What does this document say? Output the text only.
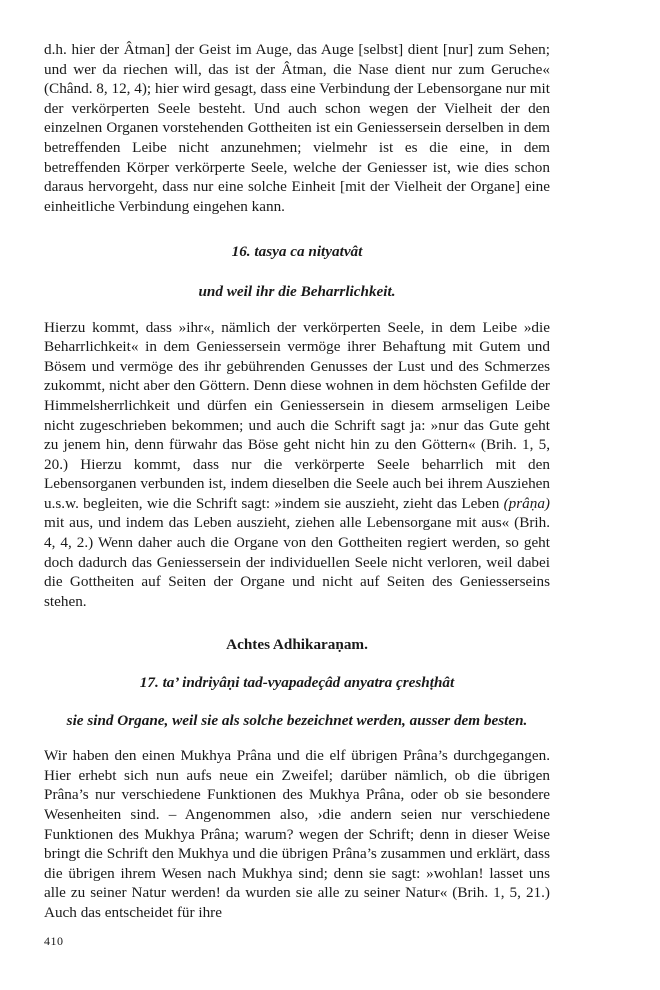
d.h. hier der Âtman] der Geist im Auge, das Auge [selbst] dient [nur] zum Sehen; und wer da riechen will, das ist der Âtman, die Nase dient nur zum Geruche« (Chând. 8, 12, 4); hier wird gesagt, dass eine Verbindung der Lebensorgane nur mit der verkörperten Seele besteht. Und auch schon wegen der Vielheit der den einzelnen Organen vorstehenden Gottheiten ist ein Geniessersein derselben in dem betreffenden Leibe nicht anzunehmen; vielmehr ist es die eine, in dem betreffenden Körper verkörperte Seele, welche der Geniesser ist, wie dies schon daraus hervorgeht, dass nur eine solche Einheit [mit der Vielheit der Organe] eine einheitliche Verbindung eingehen kann.

16. tasya ca nityatvât

und weil ihr die Beharrlichkeit.

Hierzu kommt, dass »ihr«, nämlich der verkörperten Seele, in dem Leibe »die Beharrlichkeit« in dem Geniessersein vermöge ihrer Behaftung mit Gutem und Bösem und vermöge des ihr gebührenden Genusses der Lust und des Schmerzes zukommt, nicht aber den Göttern. Denn diese wohnen in dem höchsten Gefilde der Himmelsherrlichkeit und dürfen ein Geniessersein in diesem armseligen Leibe nicht zugeschrieben bekommen; und auch die Schrift sagt ja: »nur das Gute geht zu jenem hin, denn fürwahr das Böse geht nicht hin zu den Göttern« (Brih. 1, 5, 20.) Hierzu kommt, dass nur die verkörperte Seele beharrlich mit den Lebensorganen verbunden ist, indem dieselben die Seele auch bei ihrem Ausziehen u.s.w. begleiten, wie die Schrift sagt: »indem sie auszieht, zieht das Leben (prâṇa) mit aus, und indem das Leben auszieht, ziehen alle Lebensorgane mit aus« (Brih. 4, 4, 2.) Wenn daher auch die Organe von den Gottheiten regiert werden, so geht doch dadurch das Geniessersein der individuellen Seele nicht verloren, weil dabei die Gottheiten auf Seiten der Organe und nicht auf Seiten des Geniesserseins stehen.

Achtes Adhikaraṇam.

17. ta’ indriyâṇi tad-vyapadeçâd anyatra çreshṭhât

sie sind Organe, weil sie als solche bezeichnet werden, ausser dem besten.

Wir haben den einen Mukhya Prâna und die elf übrigen Prâna’s durchgegangen. Hier erhebt sich nun aufs neue ein Zweifel; darüber nämlich, ob die übrigen Prâna’s nur verschiedene Funktionen des Mukhya Prâna, oder ob sie besondere Wesenheiten sind. – Angenommen also, ›die andern seien nur verschiedene Funktionen des Mukhya Prâna; warum? wegen der Schrift; denn in dieser Weise bringt die Schrift den Mukhya und die übrigen Prâna’s zusammen und erklärt, dass die übrigen ihrem Wesen nach Mukhya sind; denn sie sagt: »wohlan! lasset uns alle zu seiner Natur werden! da wurden sie alle zu seiner Natur« (Brih. 1, 5, 21.) Auch das entscheidet für ihre

410
